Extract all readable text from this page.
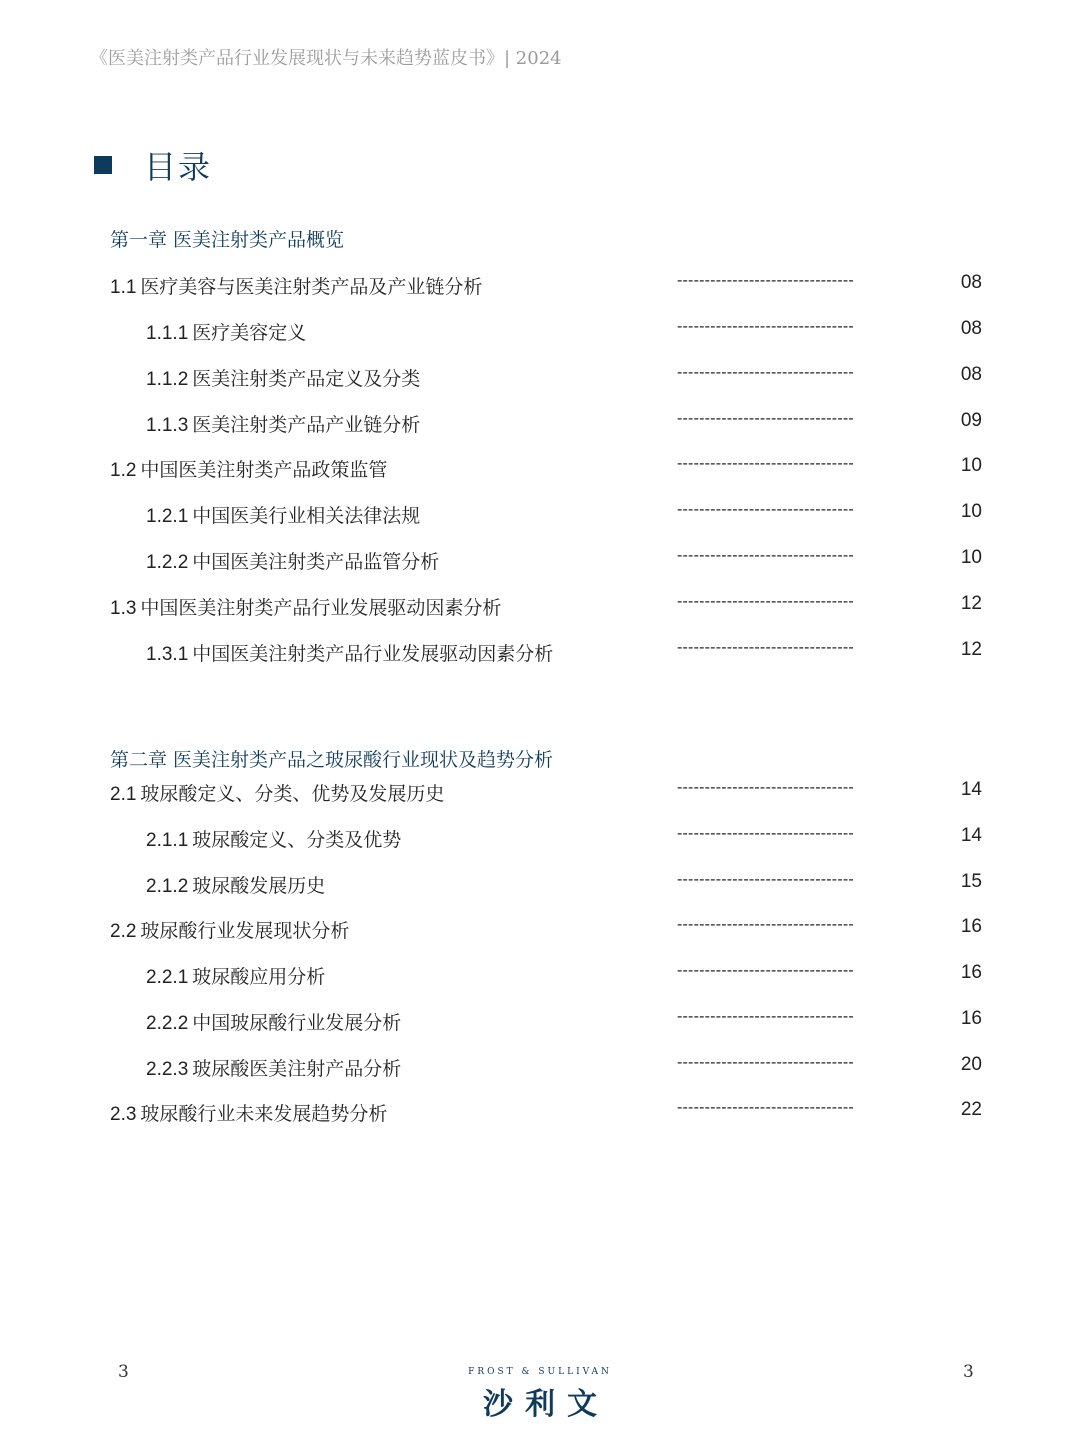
《医美注射类产品行业发展现状与未来趋势蓝皮书》| 2024
目录
第一章 医美注射类产品概览
1.1 医疗美容与医美注射类产品及产业链分析	--------------------------------	08
1.1.1 医疗美容定义	--------------------------------	08
1.1.2 医美注射类产品定义及分类	--------------------------------	08
1.1.3 医美注射类产品产业链分析	--------------------------------	09
1.2 中国医美注射类产品政策监管	--------------------------------	10
1.2.1 中国医美行业相关法律法规	--------------------------------	10
1.2.2 中国医美注射类产品监管分析	--------------------------------	10
1.3 中国医美注射类产品行业发展驱动因素分析	--------------------------------	12
1.3.1 中国医美注射类产品行业发展驱动因素分析	--------------------------------	12
第二章 医美注射类产品之玻尿酸行业现状及趋势分析
2.1 玻尿酸定义、分类、优势及发展历史	--------------------------------	14
2.1.1 玻尿酸定义、分类及优势	--------------------------------	14
2.1.2 玻尿酸发展历史	--------------------------------	15
2.2 玻尿酸行业发展现状分析	--------------------------------	16
2.2.1 玻尿酸应用分析	--------------------------------	16
2.2.2 中国玻尿酸行业发展分析	--------------------------------	16
2.2.3 玻尿酸医美注射产品分析	--------------------------------	20
2.3 玻尿酸行业未来发展趋势分析	--------------------------------	22
3	FROST & SULLIVAN
沙利文
3
